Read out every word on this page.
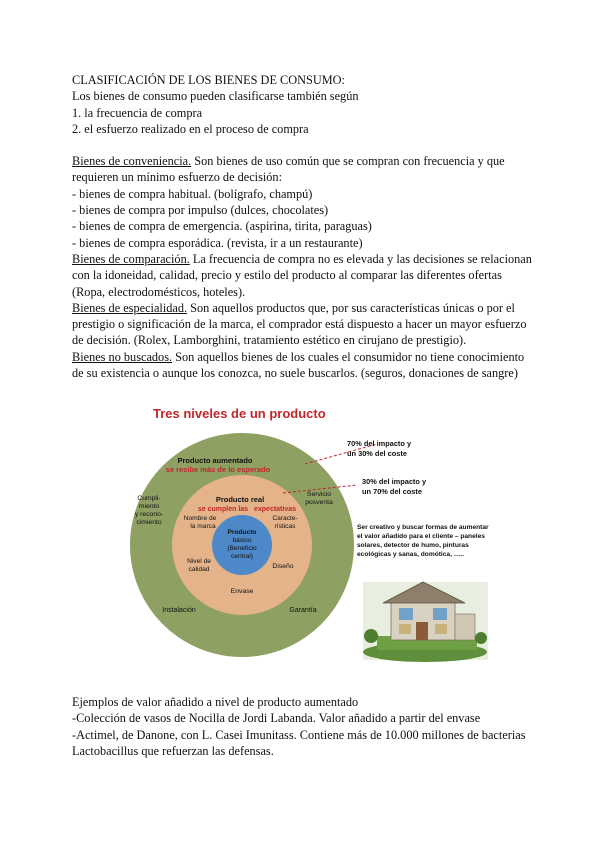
CLASIFICACIÓN DE LOS BIENES DE CONSUMO:

Los bienes de consumo pueden clasificarse también según

1. la frecuencia de compra

2. el esfuerzo realizado en el proceso de compra

Bienes de conveniencia. Son bienes de uso común que se compran con frecuencia y que

requieren un mínimo esfuerzo de decisión:

- bienes de compra habitual. (bolígrafo, champú)

- bienes de compra por impulso (dulces, chocolates)

- bienes de compra de emergencia. (aspirina, tirita, paraguas)

- bienes de compra esporádica. (revista, ir a un restaurante)

Bienes de comparación. La frecuencia de compra no es elevada y las decisiones se relacionan

con la idoneidad, calidad, precio y estilo del producto al comparar las diferentes ofertas

(Ropa, electrodomésticos, hoteles).

Bienes de especialidad. Son aquellos productos que, por sus características únicas o por el

prestigio o significación de la marca, el comprador está dispuesto a hacer un mayor esfuerzo

de decisión. (Rolex, Lamborghini, tratamiento estético en cirujano de prestigio).

Bienes no buscados. Son aquellos bienes de los cuales el consumidor no tiene conocimiento

de su existencia o aunque los conozca, no suele buscarlos. (seguros, donaciones de sangre)

Tres niveles de un producto
Producto aumentado
se recibe más de lo esperado
Cumpli-
miento
y recono-
cimiento
Servicio
posventa
Instalación	Garantía
Producto real
se cumplen las expectativas
Nombre de
la marca
Caracte-
rísticas
Nivel de
calidad	Diseño
Envase
Producto
básico
(Beneficio
central)
70% del impacto y
un 30% del coste
30% del impacto y
un 70% del coste
Ser creativo y buscar formas de aumentar
el valor añadido para el cliente – paneles
solares, detector de humo, pinturas
ecológicas y sanas, domótica, …..

Ejemplos de valor añadido a nivel de producto aumentado

-Colección de vasos de Nocilla de Jordi Labanda. Valor añadido a partir del envase

-Actimel, de Danone, con L. Casei Imunitass. Contiene más de 10.000 millones de bacterias

Lactobacillus que refuerzan las defensas.
